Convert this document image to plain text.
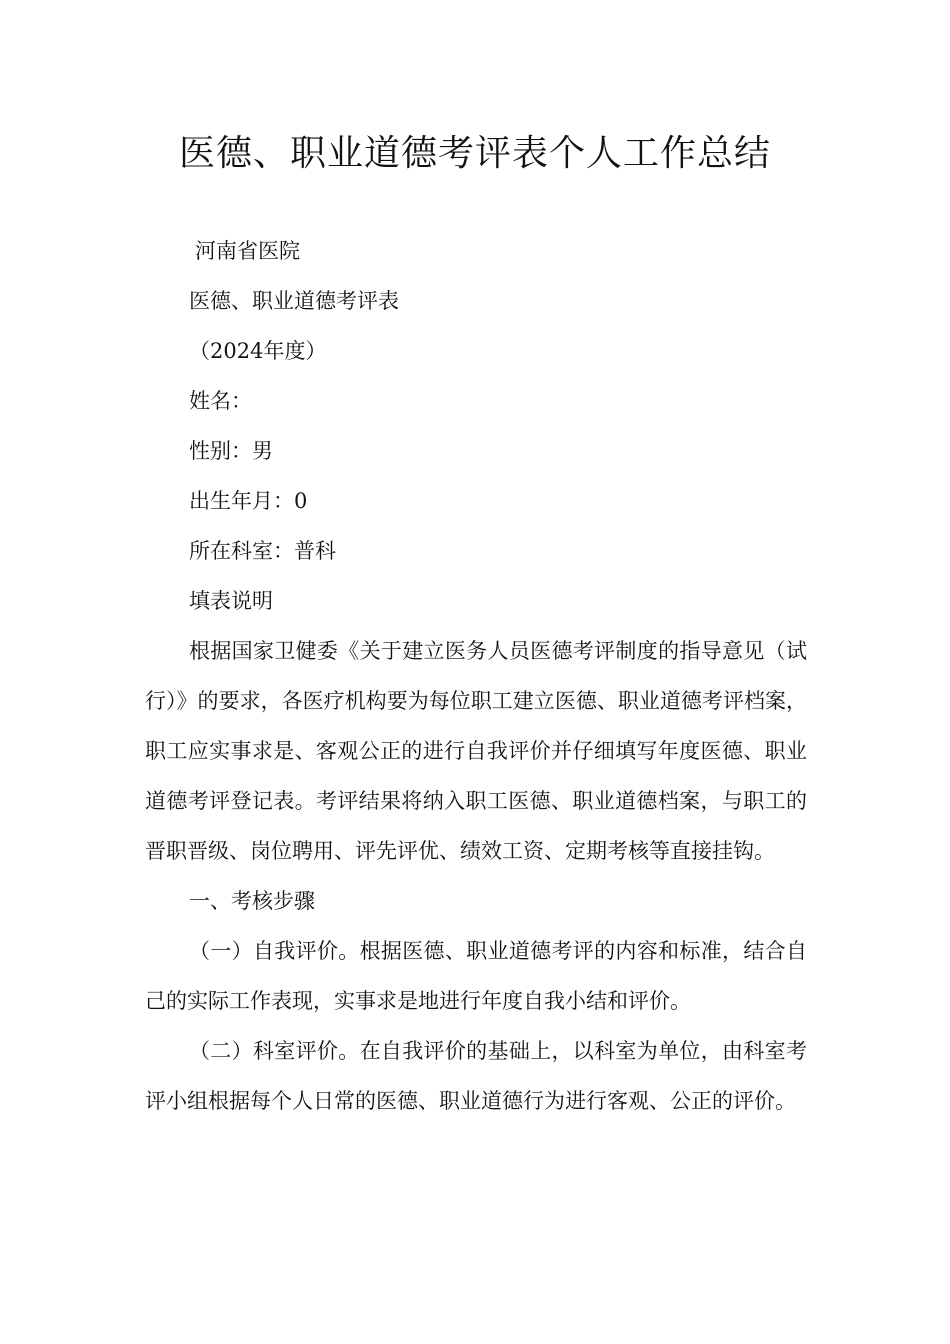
医德、职业道德考评表个人工作总结

河南省医院

医德、职业道德考评表

（2024年度）

姓名：

性别：男

出生年月：0

所在科室：普科

填表说明

根据国家卫健委《关于建立医务人员医德考评制度的指导意见（试行）》的要求，各医疗机构要为每位职工建立医德、职业道德考评档案，职工应实事求是、客观公正的进行自我评价并仔细填写年度医德、职业道德考评登记表。考评结果将纳入职工医德、职业道德档案，与职工的晋职晋级、岗位聘用、评先评优、绩效工资、定期考核等直接挂钩。

一、考核步骤

（一）自我评价。根据医德、职业道德考评的内容和标准，结合自己的实际工作表现，实事求是地进行年度自我小结和评价。

（二）科室评价。在自我评价的基础上，以科室为单位，由科室考评小组根据每个人日常的医德、职业道德行为进行客观、公正的评价。
